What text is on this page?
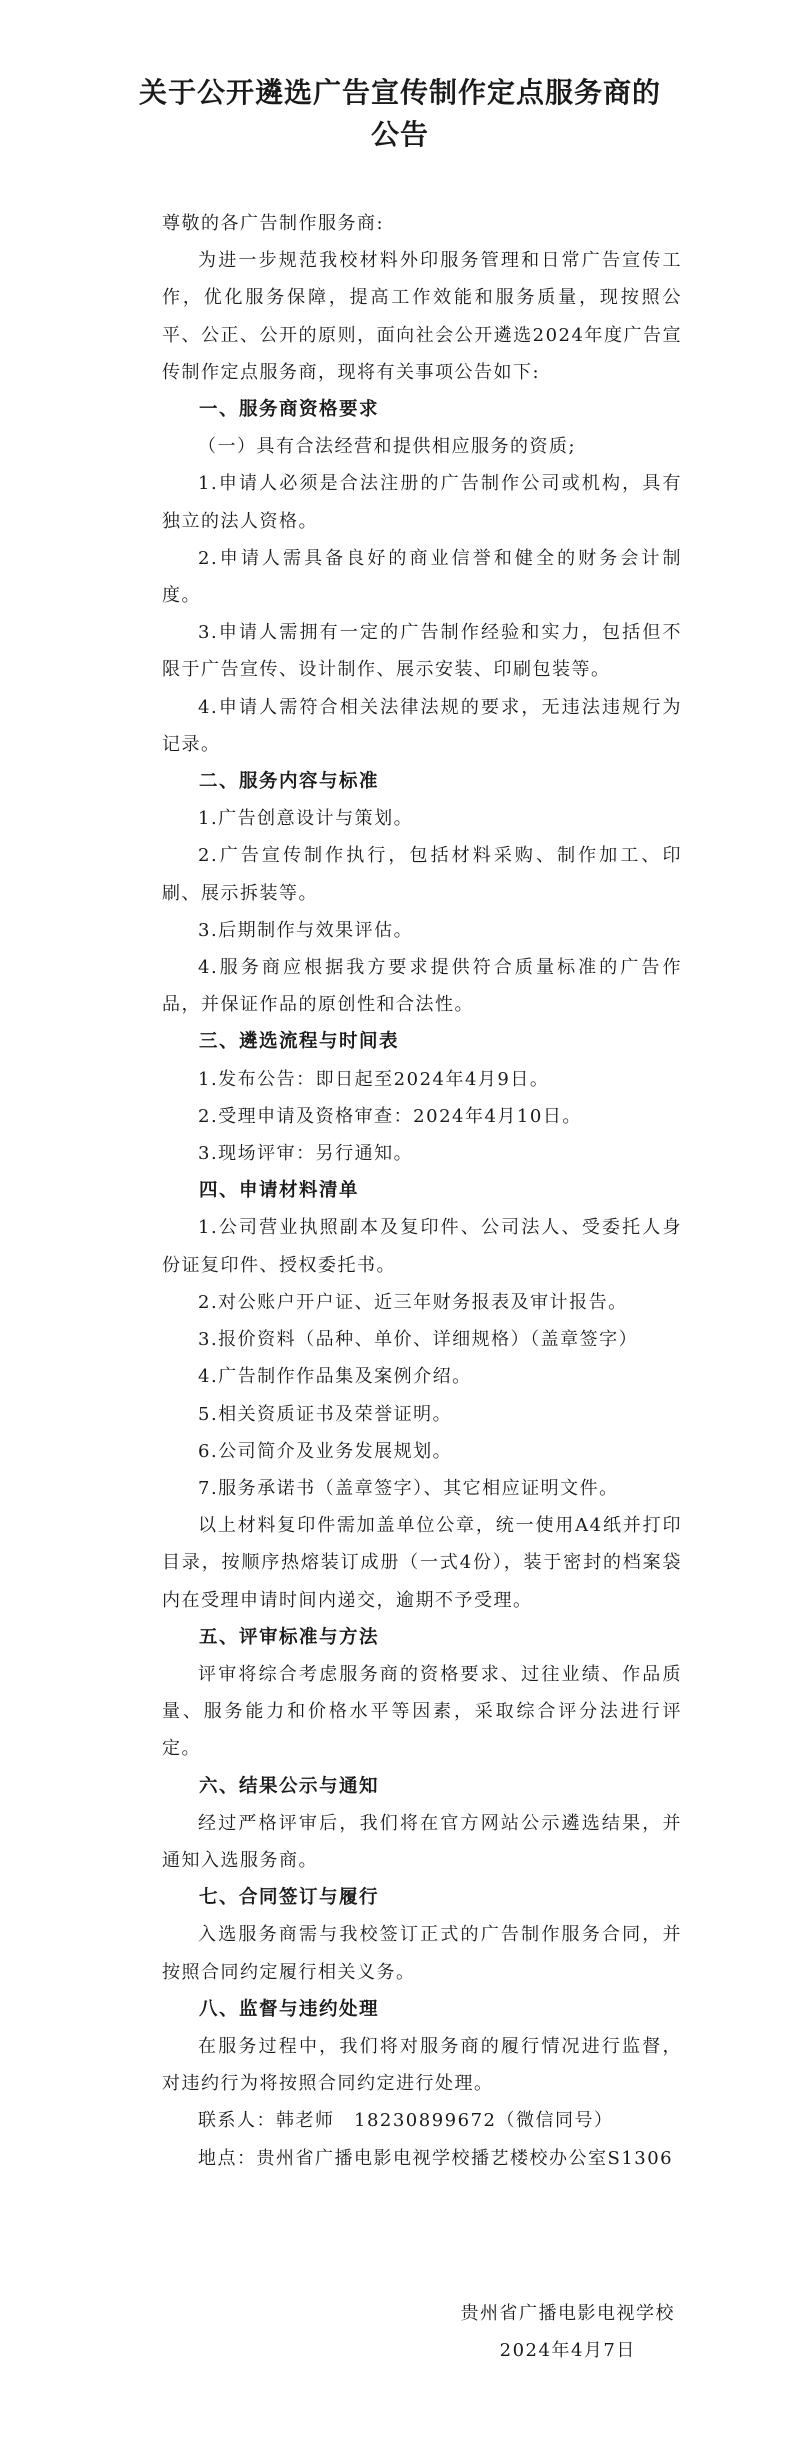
关于公开遴选广告宣传制作定点服务商的
公告

尊敬的各广告制作服务商:

为进一步规范我校材料外印服务管理和日常广告宣传工作，优化服务保障，提高工作效能和服务质量，现按照公平、公正、公开的原则，面向社会公开遴选2024年度广告宣传制作定点服务商，现将有关事项公告如下:

一、服务商资格要求

（一）具有合法经营和提供相应服务的资质;

1.申请人必须是合法注册的广告制作公司或机构，具有独立的法人资格。

2.申请人需具备良好的商业信誉和健全的财务会计制度。

3.申请人需拥有一定的广告制作经验和实力，包括但不限于广告宣传、设计制作、展示安装、印刷包装等。

4.申请人需符合相关法律法规的要求，无违法违规行为记录。

二、服务内容与标准

1.广告创意设计与策划。

2.广告宣传制作执行，包括材料采购、制作加工、印刷、展示拆装等。

3.后期制作与效果评估。

4.服务商应根据我方要求提供符合质量标准的广告作品，并保证作品的原创性和合法性。

三、遴选流程与时间表

1.发布公告：即日起至2024年4月9日。

2.受理申请及资格审查：2024年4月10日。

3.现场评审：另行通知。

四、申请材料清单

1.公司营业执照副本及复印件、公司法人、受委托人身份证复印件、授权委托书。

2.对公账户开户证、近三年财务报表及审计报告。

3.报价资料（品种、单价、详细规格）（盖章签字）

4.广告制作作品集及案例介绍。

5.相关资质证书及荣誉证明。

6.公司简介及业务发展规划。

7.服务承诺书（盖章签字）、其它相应证明文件。

以上材料复印件需加盖单位公章，统一使用A4纸并打印目录，按顺序热熔装订成册（一式4份），装于密封的档案袋内在受理申请时间内递交，逾期不予受理。

五、评审标准与方法

评审将综合考虑服务商的资格要求、过往业绩、作品质量、服务能力和价格水平等因素，采取综合评分法进行评定。

六、结果公示与通知

经过严格评审后，我们将在官方网站公示遴选结果，并通知入选服务商。

七、合同签订与履行

入选服务商需与我校签订正式的广告制作服务合同，并按照合同约定履行相关义务。

八、监督与违约处理

在服务过程中，我们将对服务商的履行情况进行监督，对违约行为将按照合同约定进行处理。

联系人：韩老师　18230899672（微信同号）

地点：贵州省广播电影电视学校播艺楼校办公室S1306

贵州省广播电影电视学校
2024年4月7日
